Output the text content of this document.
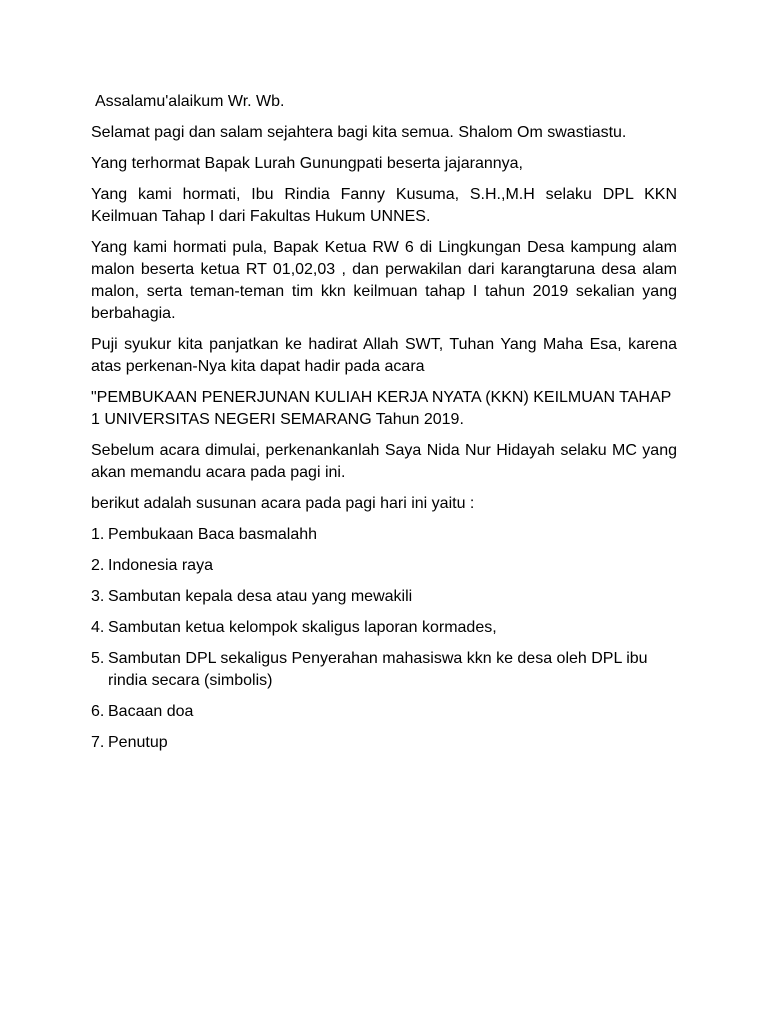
Assalamu'alaikum Wr. Wb.

Selamat pagi dan salam sejahtera bagi kita semua. Shalom Om swastiastu.

Yang terhormat Bapak Lurah Gunungpati beserta jajarannya,

Yang kami hormati, Ibu Rindia Fanny Kusuma, S.H.,M.H selaku DPL KKN Keilmuan Tahap I dari Fakultas Hukum UNNES.

Yang kami hormati pula, Bapak Ketua RW 6 di Lingkungan Desa kampung alam malon beserta ketua RT 01,02,03 , dan perwakilan dari karangtaruna desa alam malon, serta teman-teman tim kkn keilmuan tahap I tahun 2019 sekalian yang berbahagia.

Puji syukur kita panjatkan ke hadirat Allah SWT, Tuhan Yang Maha Esa, karena atas perkenan-Nya kita dapat hadir pada acara

"PEMBUKAAN PENERJUNAN KULIAH KERJA NYATA (KKN) KEILMUAN TAHAP 1 UNIVERSITAS NEGERI SEMARANG Tahun 2019.

Sebelum acara dimulai, perkenankanlah Saya Nida Nur Hidayah selaku MC yang akan memandu acara pada pagi ini.

berikut adalah susunan acara pada pagi hari ini yaitu :

1. Pembukaan Baca basmalahh
2. Indonesia raya
3. Sambutan kepala desa atau yang mewakili
4. Sambutan ketua kelompok skaligus laporan kormades,
5. Sambutan DPL sekaligus Penyerahan mahasiswa kkn ke desa oleh DPL ibu rindia secara (simbolis)
6. Bacaan doa
7. Penutup
